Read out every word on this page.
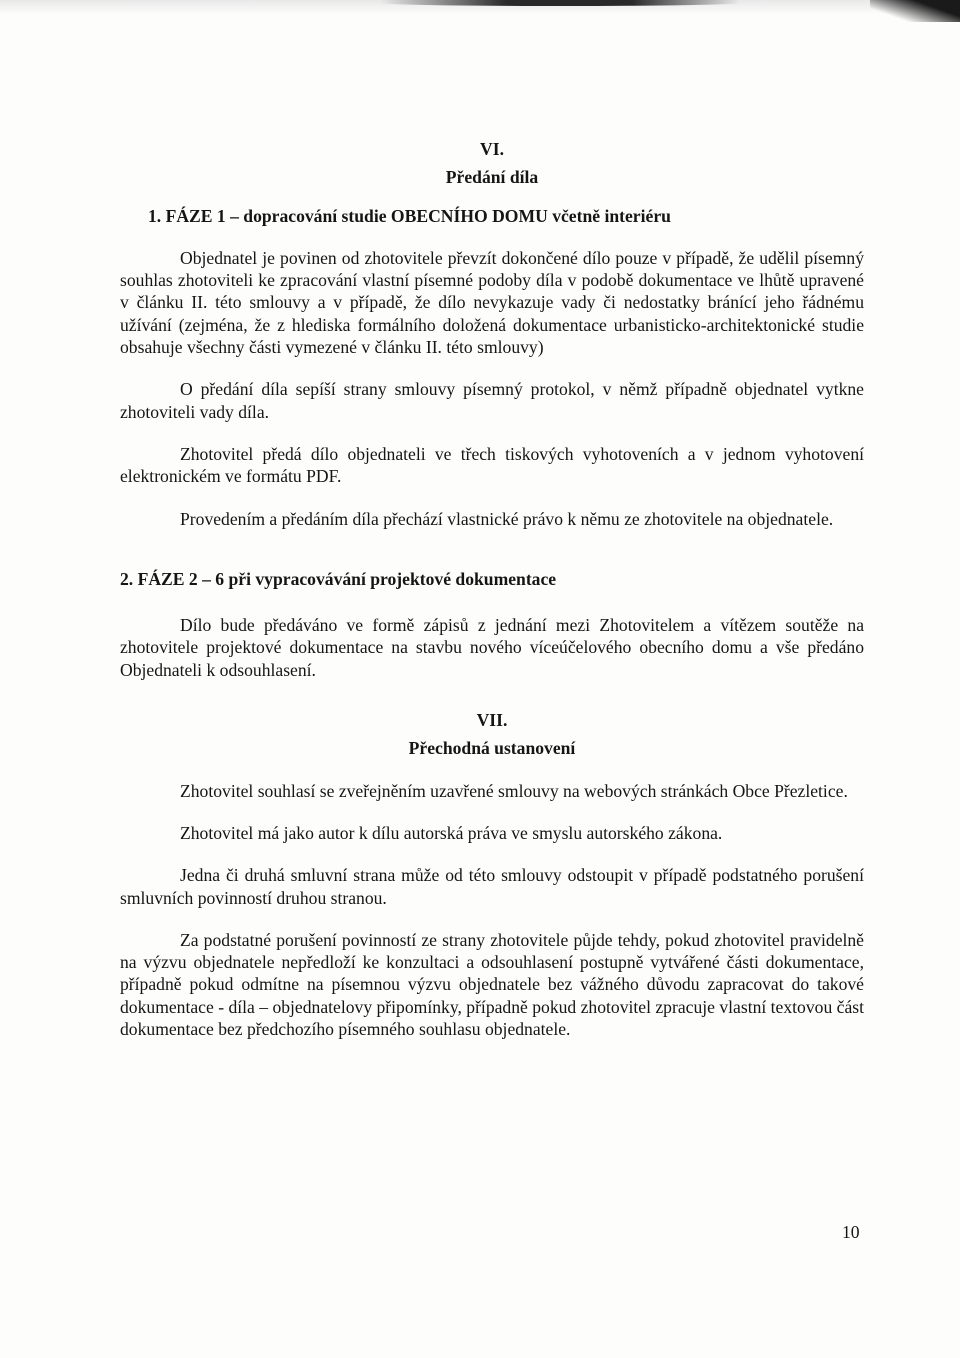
VI.

Předání díla

1. FÁZE 1 – dopracování studie OBECNÍHO DOMU včetně interiéru

Objednatel je povinen od zhotovitele převzít dokončené dílo pouze v případě, že udělil písemný souhlas zhotoviteli ke zpracování vlastní písemné podoby díla v podobě dokumentace ve lhůtě upravené v článku II. této smlouvy a v případě, že dílo nevykazuje vady či nedostatky bránící jeho řádnému užívání (zejména, že z hlediska formálního doložená dokumentace urbanisticko-architektonické studie obsahuje všechny části vymezené v článku II. této smlouvy)

O předání díla sepíší strany smlouvy písemný protokol, v němž případně objednatel vytkne zhotoviteli vady díla.

Zhotovitel předá dílo objednateli ve třech tiskových vyhotoveních a v jednom vyhotovení elektronickém ve formátu PDF.

Provedením a předáním díla přechází vlastnické právo k němu ze zhotovitele na objednatele.

2. FÁZE 2 – 6 při vypracovávání projektové dokumentace

Dílo bude předáváno ve formě zápisů z jednání mezi Zhotovitelem a vítězem soutěže na zhotovitele projektové dokumentace na stavbu nového víceúčelového obecního domu a vše předáno Objednateli k odsouhlasení.

VII.

Přechodná ustanovení

Zhotovitel souhlasí se zveřejněním uzavřené smlouvy na webových stránkách Obce Přezletice.

Zhotovitel má jako autor k dílu autorská práva ve smyslu autorského zákona.

Jedna či druhá smluvní strana může od této smlouvy odstoupit v případě podstatného porušení smluvních povinností druhou stranou.

Za podstatné porušení povinností ze strany zhotovitele půjde tehdy, pokud zhotovitel pravidelně na výzvu objednatele nepředloží ke konzultaci a odsouhlasení postupně vytvářené části dokumentace, případně pokud odmítne na písemnou výzvu objednatele bez vážného důvodu zapracovat do takové dokumentace - díla – objednatelovy připomínky, případně pokud zhotovitel zpracuje vlastní textovou část dokumentace bez předchozího písemného souhlasu objednatele.

10
